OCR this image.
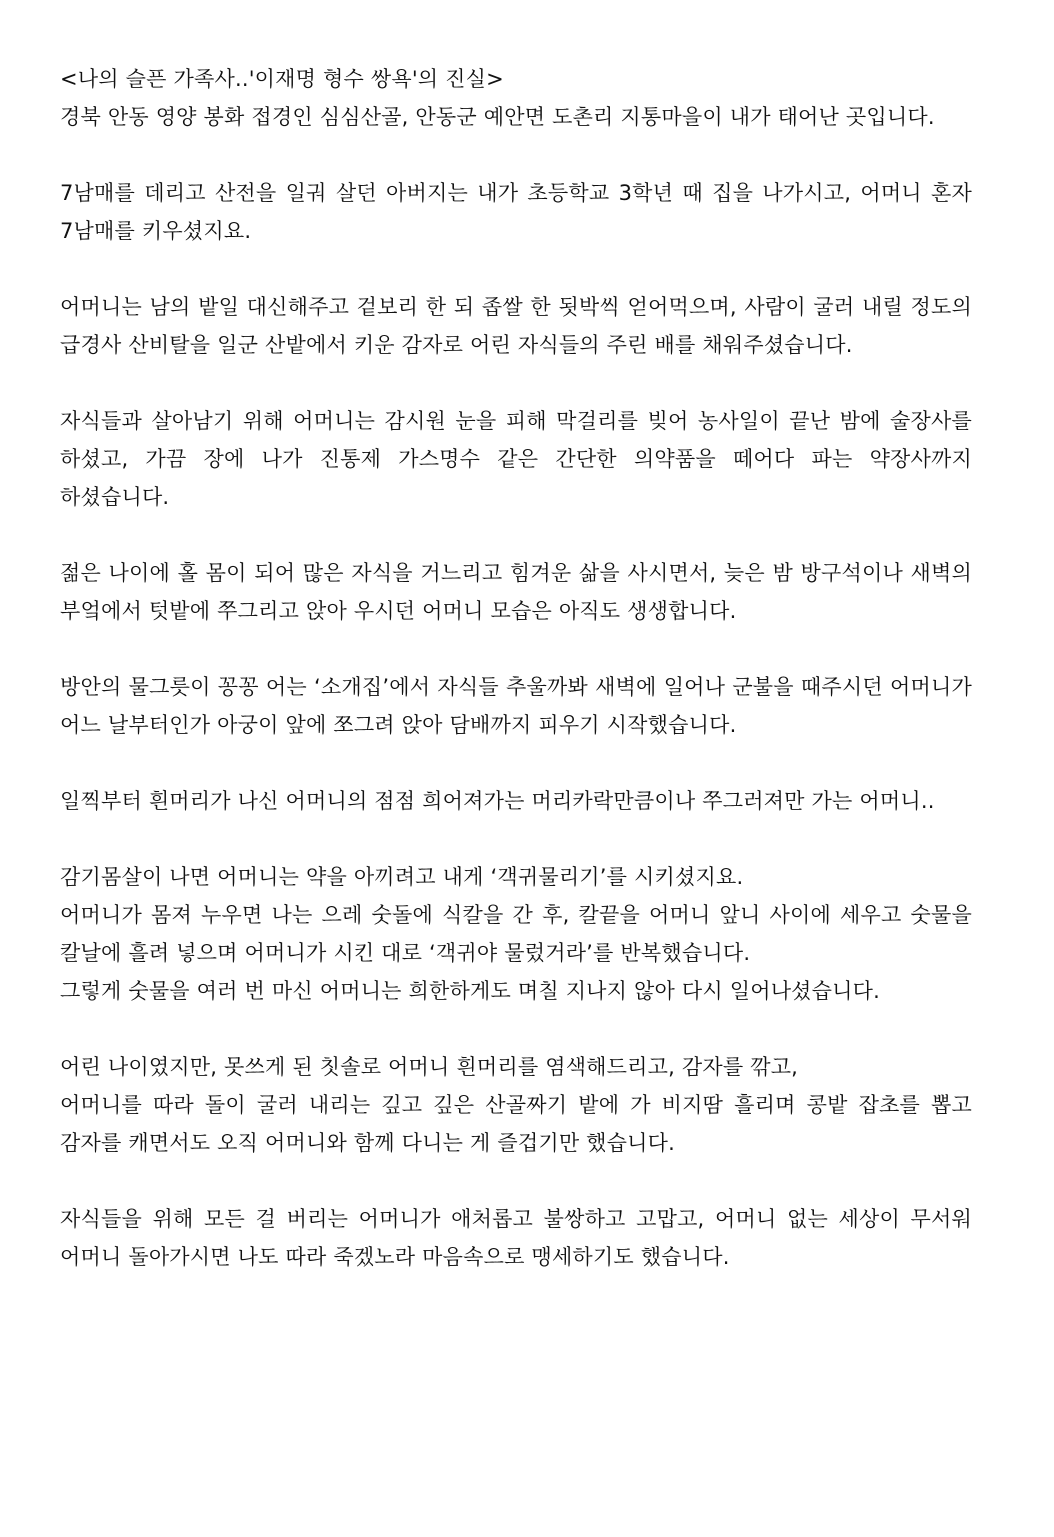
<나의 슬픈 가족사..'이재명 형수 쌍욕'의 진실>

경북 안동 영양 봉화 접경인 심심산골, 안동군 예안면 도촌리 지통마을이 내가 태어난 곳입니다.

7남매를 데리고 산전을 일궈 살던 아버지는 내가 초등학교 3학년 때 집을 나가시고, 어머니 혼자 7남매를 키우셨지요.

어머니는 남의 밭일 대신해주고 겉보리 한 되 좁쌀 한 됫박씩 얻어먹으며, 사람이 굴러 내릴 정도의 급경사 산비탈을 일군 산밭에서 키운 감자로 어린 자식들의 주린 배를 채워주셨습니다.

자식들과 살아남기 위해 어머니는 감시원 눈을 피해 막걸리를 빚어 농사일이 끝난 밤에 술장사를 하셨고, 가끔 장에 나가 진통제 가스명수 같은 간단한 의약품을 떼어다 파는 약장사까지 하셨습니다.

젊은 나이에 홀 몸이 되어 많은 자식을 거느리고 힘겨운 삶을 사시면서, 늦은 밤 방구석이나 새벽의 부엌에서 텃밭에 쭈그리고 앉아 우시던 어머니 모습은 아직도 생생합니다.

방안의 물그릇이 꽁꽁 어는 ‘소개집’에서 자식들 추울까봐 새벽에 일어나 군불을 때주시던 어머니가 어느 날부터인가 아궁이 앞에 쪼그려 앉아 담배까지 피우기 시작했습니다.

일찍부터 흰머리가 나신 어머니의 점점 희어져가는 머리카락만큼이나 쭈그러져만 가는 어머니..

감기몸살이 나면 어머니는 약을 아끼려고 내게 ‘객귀물리기’를 시키셨지요.

어머니가 몸져 누우면 나는 으레 숫돌에 식칼을 간 후, 칼끝을 어머니 앞니 사이에 세우고 숫물을 칼날에 흘려 넣으며 어머니가 시킨 대로 ‘객귀야 물렀거라’를 반복했습니다.

그렇게 숫물을 여러 번 마신 어머니는 희한하게도 며칠 지나지 않아 다시 일어나셨습니다.

어린 나이였지만, 못쓰게 된 칫솔로 어머니 흰머리를 염색해드리고, 감자를 깎고,

어머니를 따라 돌이 굴러 내리는 깊고 깊은 산골짜기 밭에 가 비지땀 흘리며 콩밭 잡초를 뽑고 감자를 캐면서도 오직 어머니와 함께 다니는 게 즐겁기만 했습니다.

자식들을 위해 모든 걸 버리는 어머니가 애처롭고 불쌍하고 고맙고, 어머니 없는 세상이 무서워 어머니 돌아가시면 나도 따라 죽겠노라 마음속으로 맹세하기도 했습니다.
